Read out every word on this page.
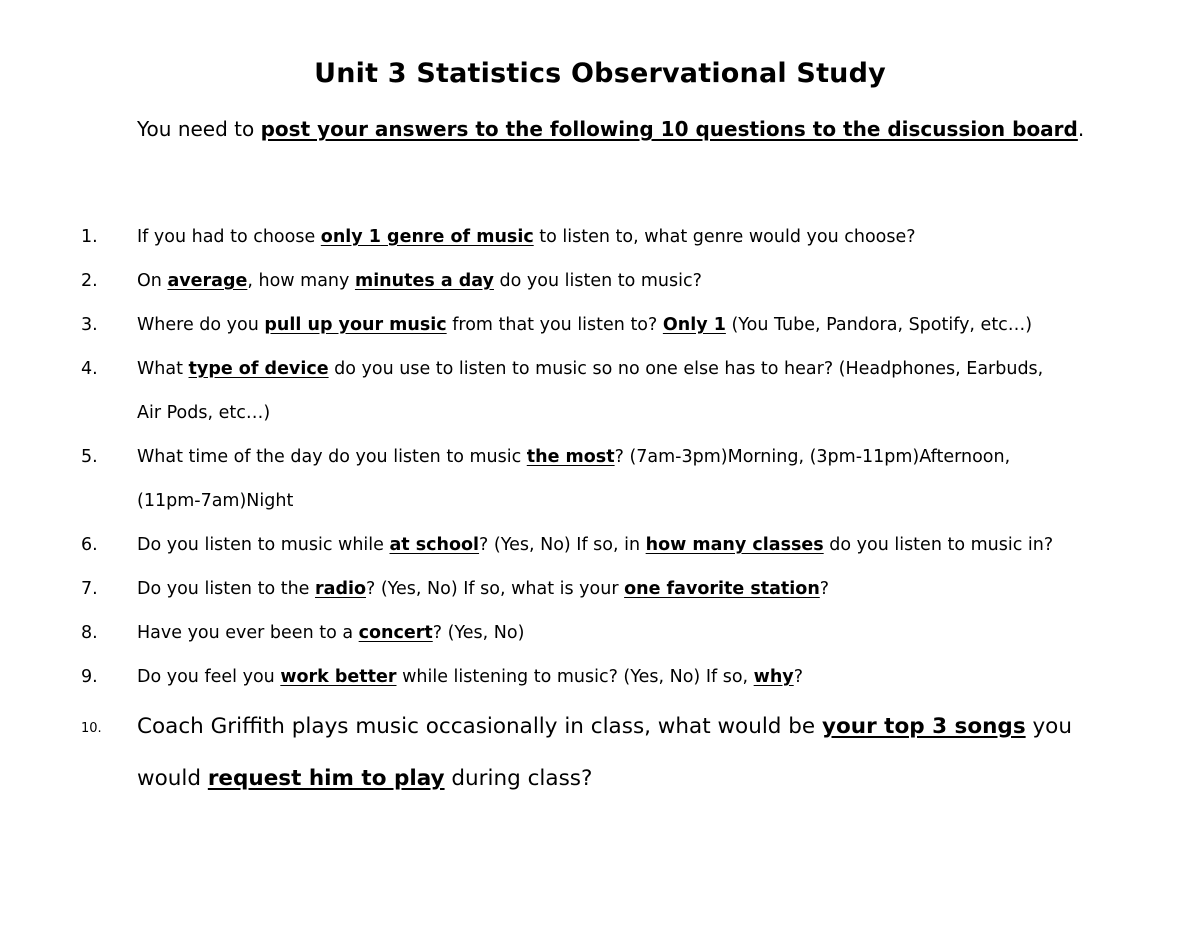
Unit 3 Statistics Observational Study
You need to post your answers to the following 10 questions to the discussion board.
1. If you had to choose only 1 genre of music to listen to, what genre would you choose?
2. On average, how many minutes a day do you listen to music?
3. Where do you pull up your music from that you listen to? Only 1 (You Tube, Pandora, Spotify, etc…)
4. What type of device do you use to listen to music so no one else has to hear? (Headphones, Earbuds,
Air Pods, etc…)
5. What time of the day do you listen to music the most? (7am-3pm)Morning, (3pm-11pm)Afternoon,
(11pm-7am)Night
6. Do you listen to music while at school? (Yes, No) If so, in how many classes do you listen to music in?
7. Do you listen to the radio? (Yes, No) If so, what is your one favorite station?
8. Have you ever been to a concert? (Yes, No)
9. Do you feel you work better while listening to music? (Yes, No) If so, why?
10. Coach Griffith plays music occasionally in class, what would be your top 3 songs you
would request him to play during class?
